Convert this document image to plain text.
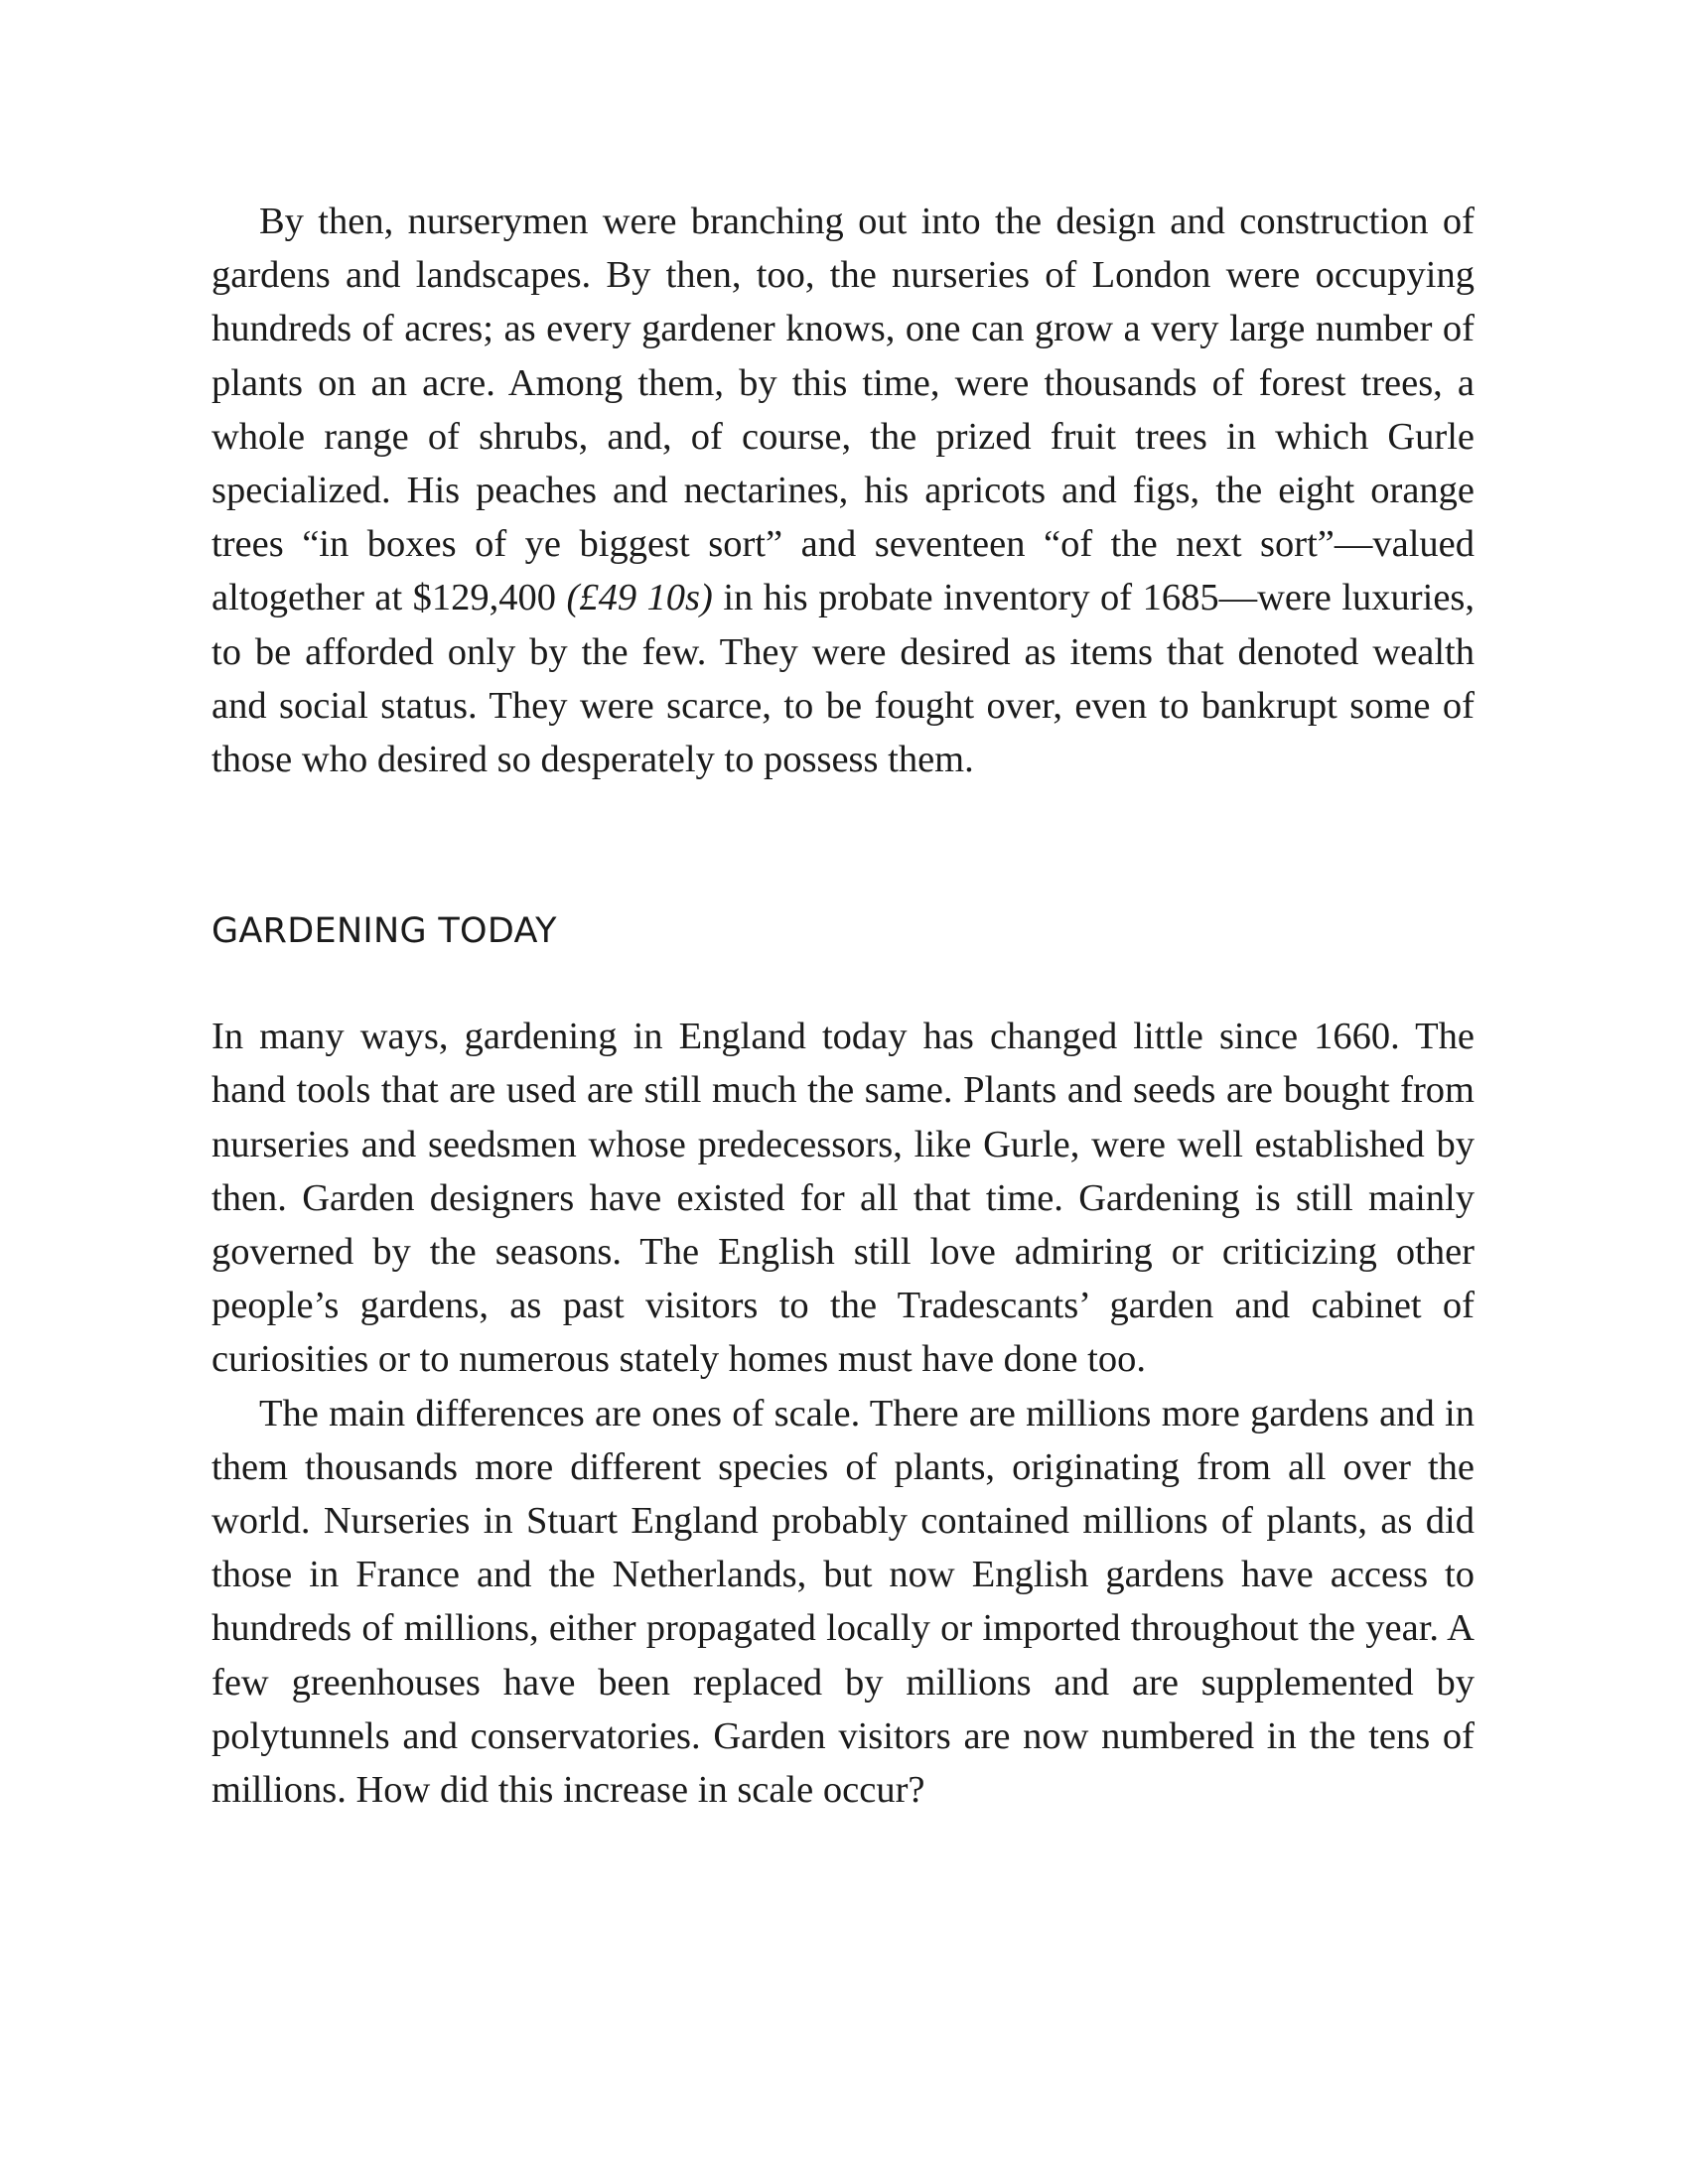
By then, nurserymen were branching out into the design and construction of gardens and landscapes. By then, too, the nurseries of London were occupying hundreds of acres; as every gardener knows, one can grow a very large number of plants on an acre. Among them, by this time, were thousands of forest trees, a whole range of shrubs, and, of course, the prized fruit trees in which Gurle specialized. His peaches and nectarines, his apricots and figs, the eight orange trees “in boxes of ye biggest sort” and seventeen “of the next sort”—valued altogether at $129,400 (£49 10s) in his probate inventory of 1685—were luxuries, to be afforded only by the few. They were desired as items that denoted wealth and social status. They were scarce, to be fought over, even to bankrupt some of those who desired so desperately to possess them.

GARDENING TODAY

In many ways, gardening in England today has changed little since 1660. The hand tools that are used are still much the same. Plants and seeds are bought from nurseries and seedsmen whose predecessors, like Gurle, were well established by then. Garden designers have existed for all that time. Gardening is still mainly governed by the seasons. The English still love admiring or criticizing other people’s gardens, as past visitors to the Tradescants’ garden and cabinet of curiosities or to numerous stately homes must have done too.

The main differences are ones of scale. There are millions more gardens and in them thousands more different species of plants, originating from all over the world. Nurseries in Stuart England probably contained millions of plants, as did those in France and the Netherlands, but now English gardens have access to hundreds of millions, either propagated locally or imported throughout the year. A few greenhouses have been replaced by millions and are supplemented by polytunnels and conservatories. Garden visitors are now numbered in the tens of millions. How did this increase in scale occur?
